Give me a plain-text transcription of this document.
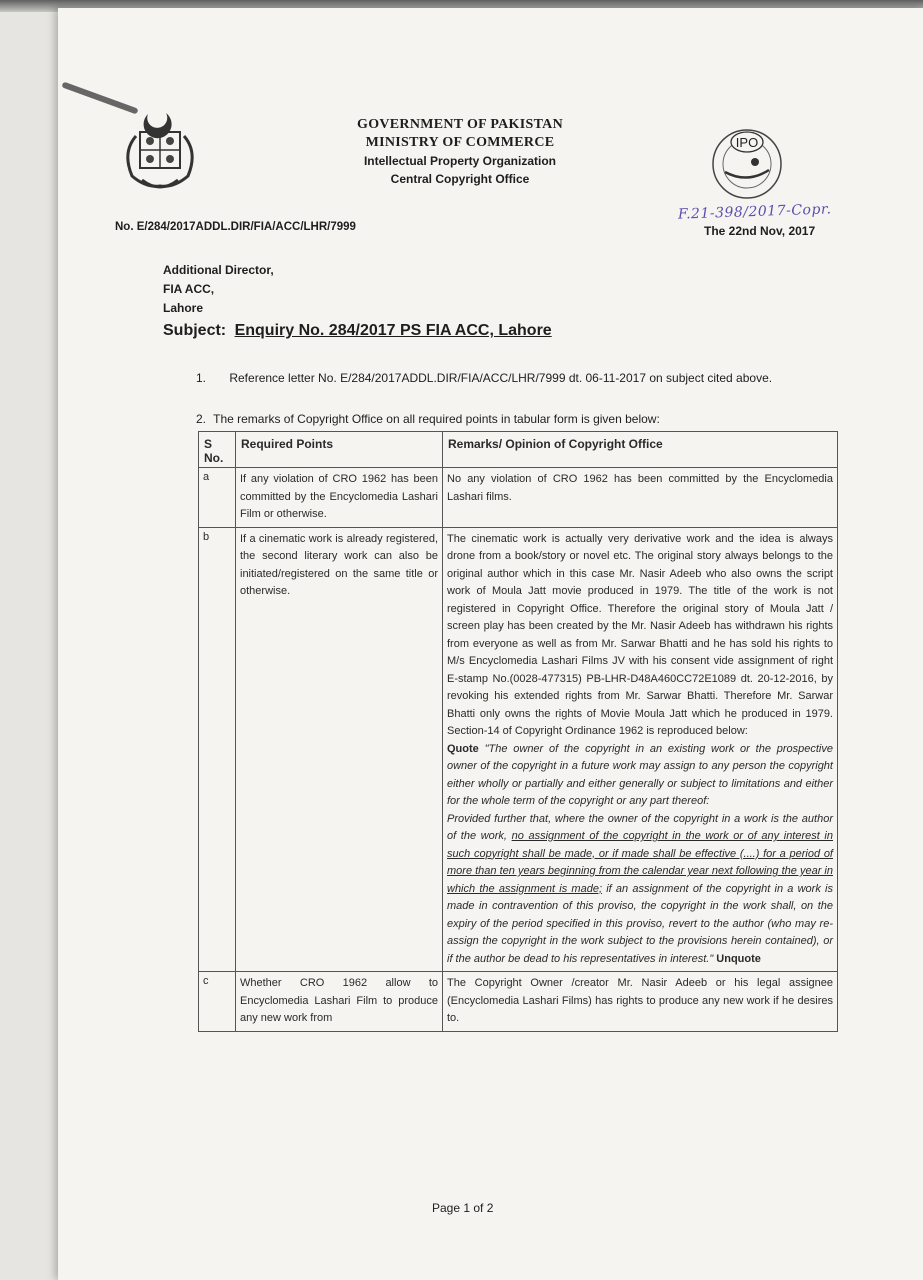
GOVERNMENT OF PAKISTAN
MINISTRY OF COMMERCE
Intellectual Property Organization
Central Copyright Office
IPO
No. E/284/2017ADDL.DIR/FIA/ACC/LHR/7999
F.21-398/2017-Copr.
The 22nd Nov, 2017
Additional Director,
FIA ACC,
Lahore
Subject: Enquiry No. 284/2017 PS FIA ACC, Lahore
1. Reference letter No. E/284/2017ADDL.DIR/FIA/ACC/LHR/7999 dt. 06-11-2017 on subject cited above.
2. The remarks of Copyright Office on all required points in tabular form is given below:
S No.	Required Points	Remarks/ Opinion of Copyright Office
a	If any violation of CRO 1962 has been committed by the Encyclomedia Lashari Film or otherwise.	No any violation of CRO 1962 has been committed by the Encyclomedia Lashari films.

b	If a cinematic work is already registered, the second literary work can also be initiated/registered on the same title or otherwise.	The cinematic work is actually very derivative work and the idea is always drone from a book/story or novel etc. The original story always belongs to the original author which in this case Mr. Nasir Adeeb who also owns the script work of Moula Jatt movie produced in 1979. The title of the work is not registered in Copyright Office. Therefore the original story of Moula Jatt / screen play has been created by the Mr. Nasir Adeeb has withdrawn his rights from everyone as well as from Mr. Sarwar Bhatti and he has sold his rights to M/s Encyclomedia Lashari Films JV with his consent vide assignment of right E-stamp No.(0028-477315) PB-LHR-D48A460CC72E1089 dt. 20-12-2016, by revoking his extended rights from Mr. Sarwar Bhatti. Therefore Mr. Sarwar Bhatti only owns the rights of Movie Moula Jatt which he produced in 1979. Section-14 of Copyright Ordinance 1962 is reproduced below:

Quote "The owner of the copyright in an existing work or the prospective owner of the copyright in a future work may assign to any person the copyright either wholly or partially and either generally or subject to limitations and either for the whole term of the copyright or any part thereof:

Provided further that, where the owner of the copyright in a work is the author of the work, no assignment of the copyright in the work or of any interest in such copyright shall be made, or if made shall be effective (....) for a period of more than ten years beginning from the calendar year next following the year in which the assignment is made; if an assignment of the copyright in a work is made in contravention of this proviso, the copyright in the work shall, on the expiry of the period specified in this proviso, revert to the author (who may re-assign the copyright in the work subject to the provisions herein contained), or if the author be dead to his representatives in interest." Unquote

c	Whether CRO 1962 allow to Encyclomedia Lashari Film to produce any new work from	The Copyright Owner /creator Mr. Nasir Adeeb or his legal assignee (Encyclomedia Lashari Films) has rights to produce any new work if he desires to.

Page 1 of 2
